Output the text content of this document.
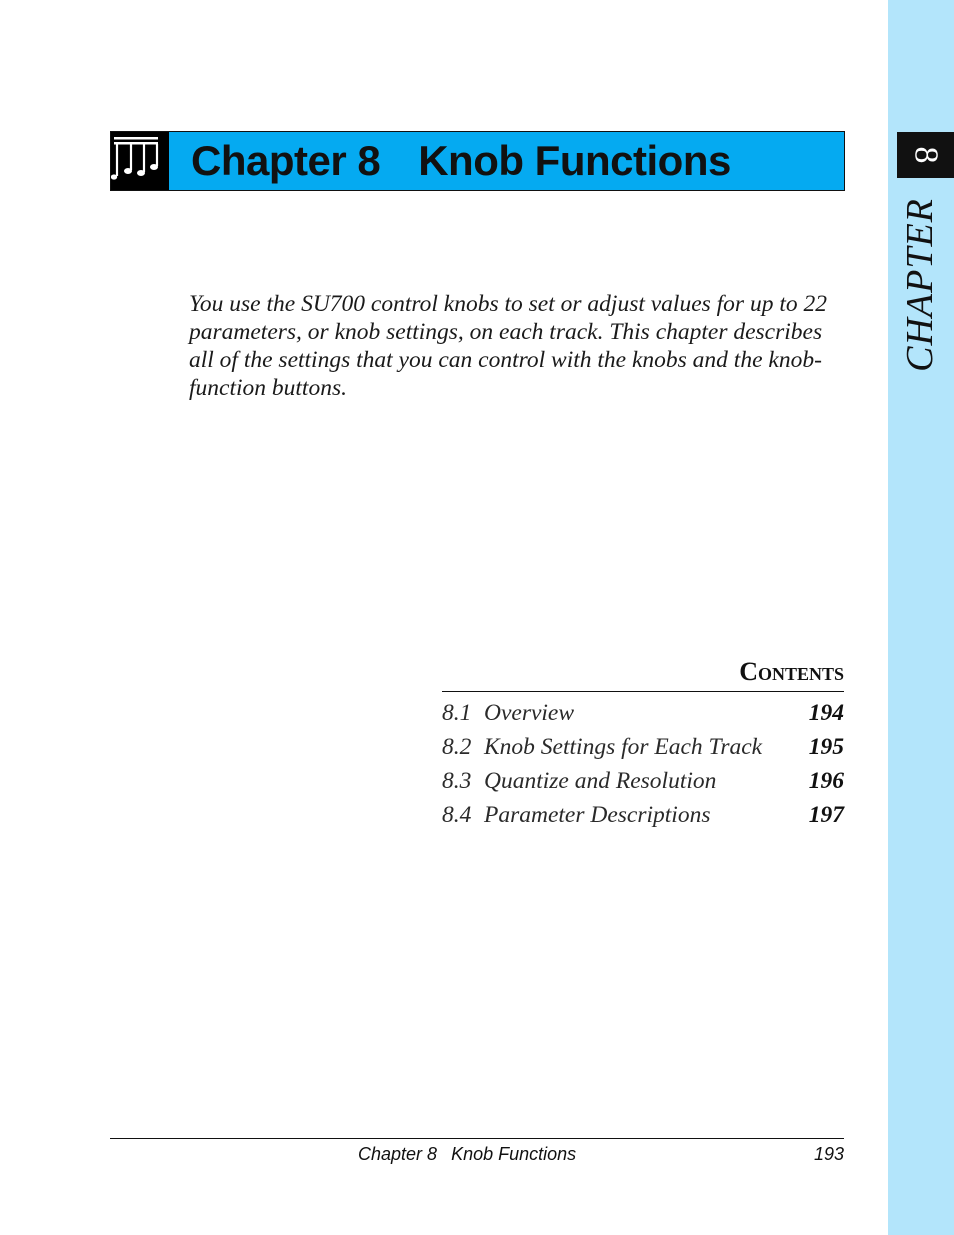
8
CHAPTER
Chapter 8 Knob Functions
You use the SU700 control knobs to set or adjust values for up to 22 parameters, or knob settings, on each track. This chapter describes all of the settings that you can control with the knobs and the knob-function buttons.
Contents
8.1 Overview	194
8.2 Knob Settings for Each Track 195
8.3 Quantize and Resolution	196
8.4 Parameter Descriptions	197
Chapter 8 Knob Functions	193
